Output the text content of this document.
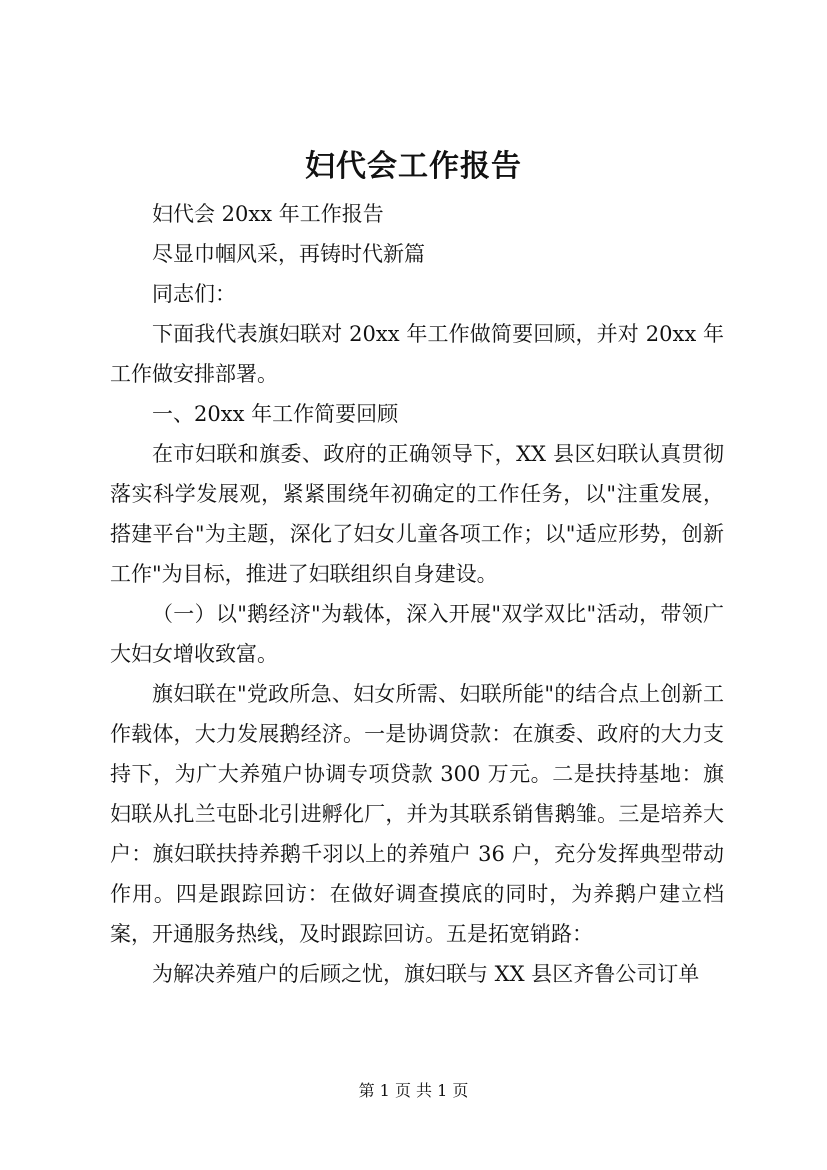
妇代会工作报告

妇代会 20xx 年工作报告

尽显巾帼风采，再铸时代新篇

同志们：

下面我代表旗妇联对 20xx 年工作做简要回顾，并对 20xx 年工作做安排部署。

一、20xx 年工作简要回顾

在市妇联和旗委、政府的正确领导下，XX 县区妇联认真贯彻落实科学发展观，紧紧围绕年初确定的工作任务，以"注重发展，搭建平台"为主题，深化了妇女儿童各项工作；以"适应形势，创新工作"为目标，推进了妇联组织自身建设。

（一）以"鹅经济"为载体，深入开展"双学双比"活动，带领广大妇女增收致富。

旗妇联在"党政所急、妇女所需、妇联所能"的结合点上创新工作载体，大力发展鹅经济。一是协调贷款：在旗委、政府的大力支持下，为广大养殖户协调专项贷款 300 万元。二是扶持基地：旗妇联从扎兰屯卧北引进孵化厂，并为其联系销售鹅雏。三是培养大户：旗妇联扶持养鹅千羽以上的养殖户 36 户，充分发挥典型带动作用。四是跟踪回访：在做好调查摸底的同时，为养鹅户建立档案，开通服务热线，及时跟踪回访。五是拓宽销路：

为解决养殖户的后顾之忧，旗妇联与 XX 县区齐鲁公司订单

第 1 页 共 1 页
